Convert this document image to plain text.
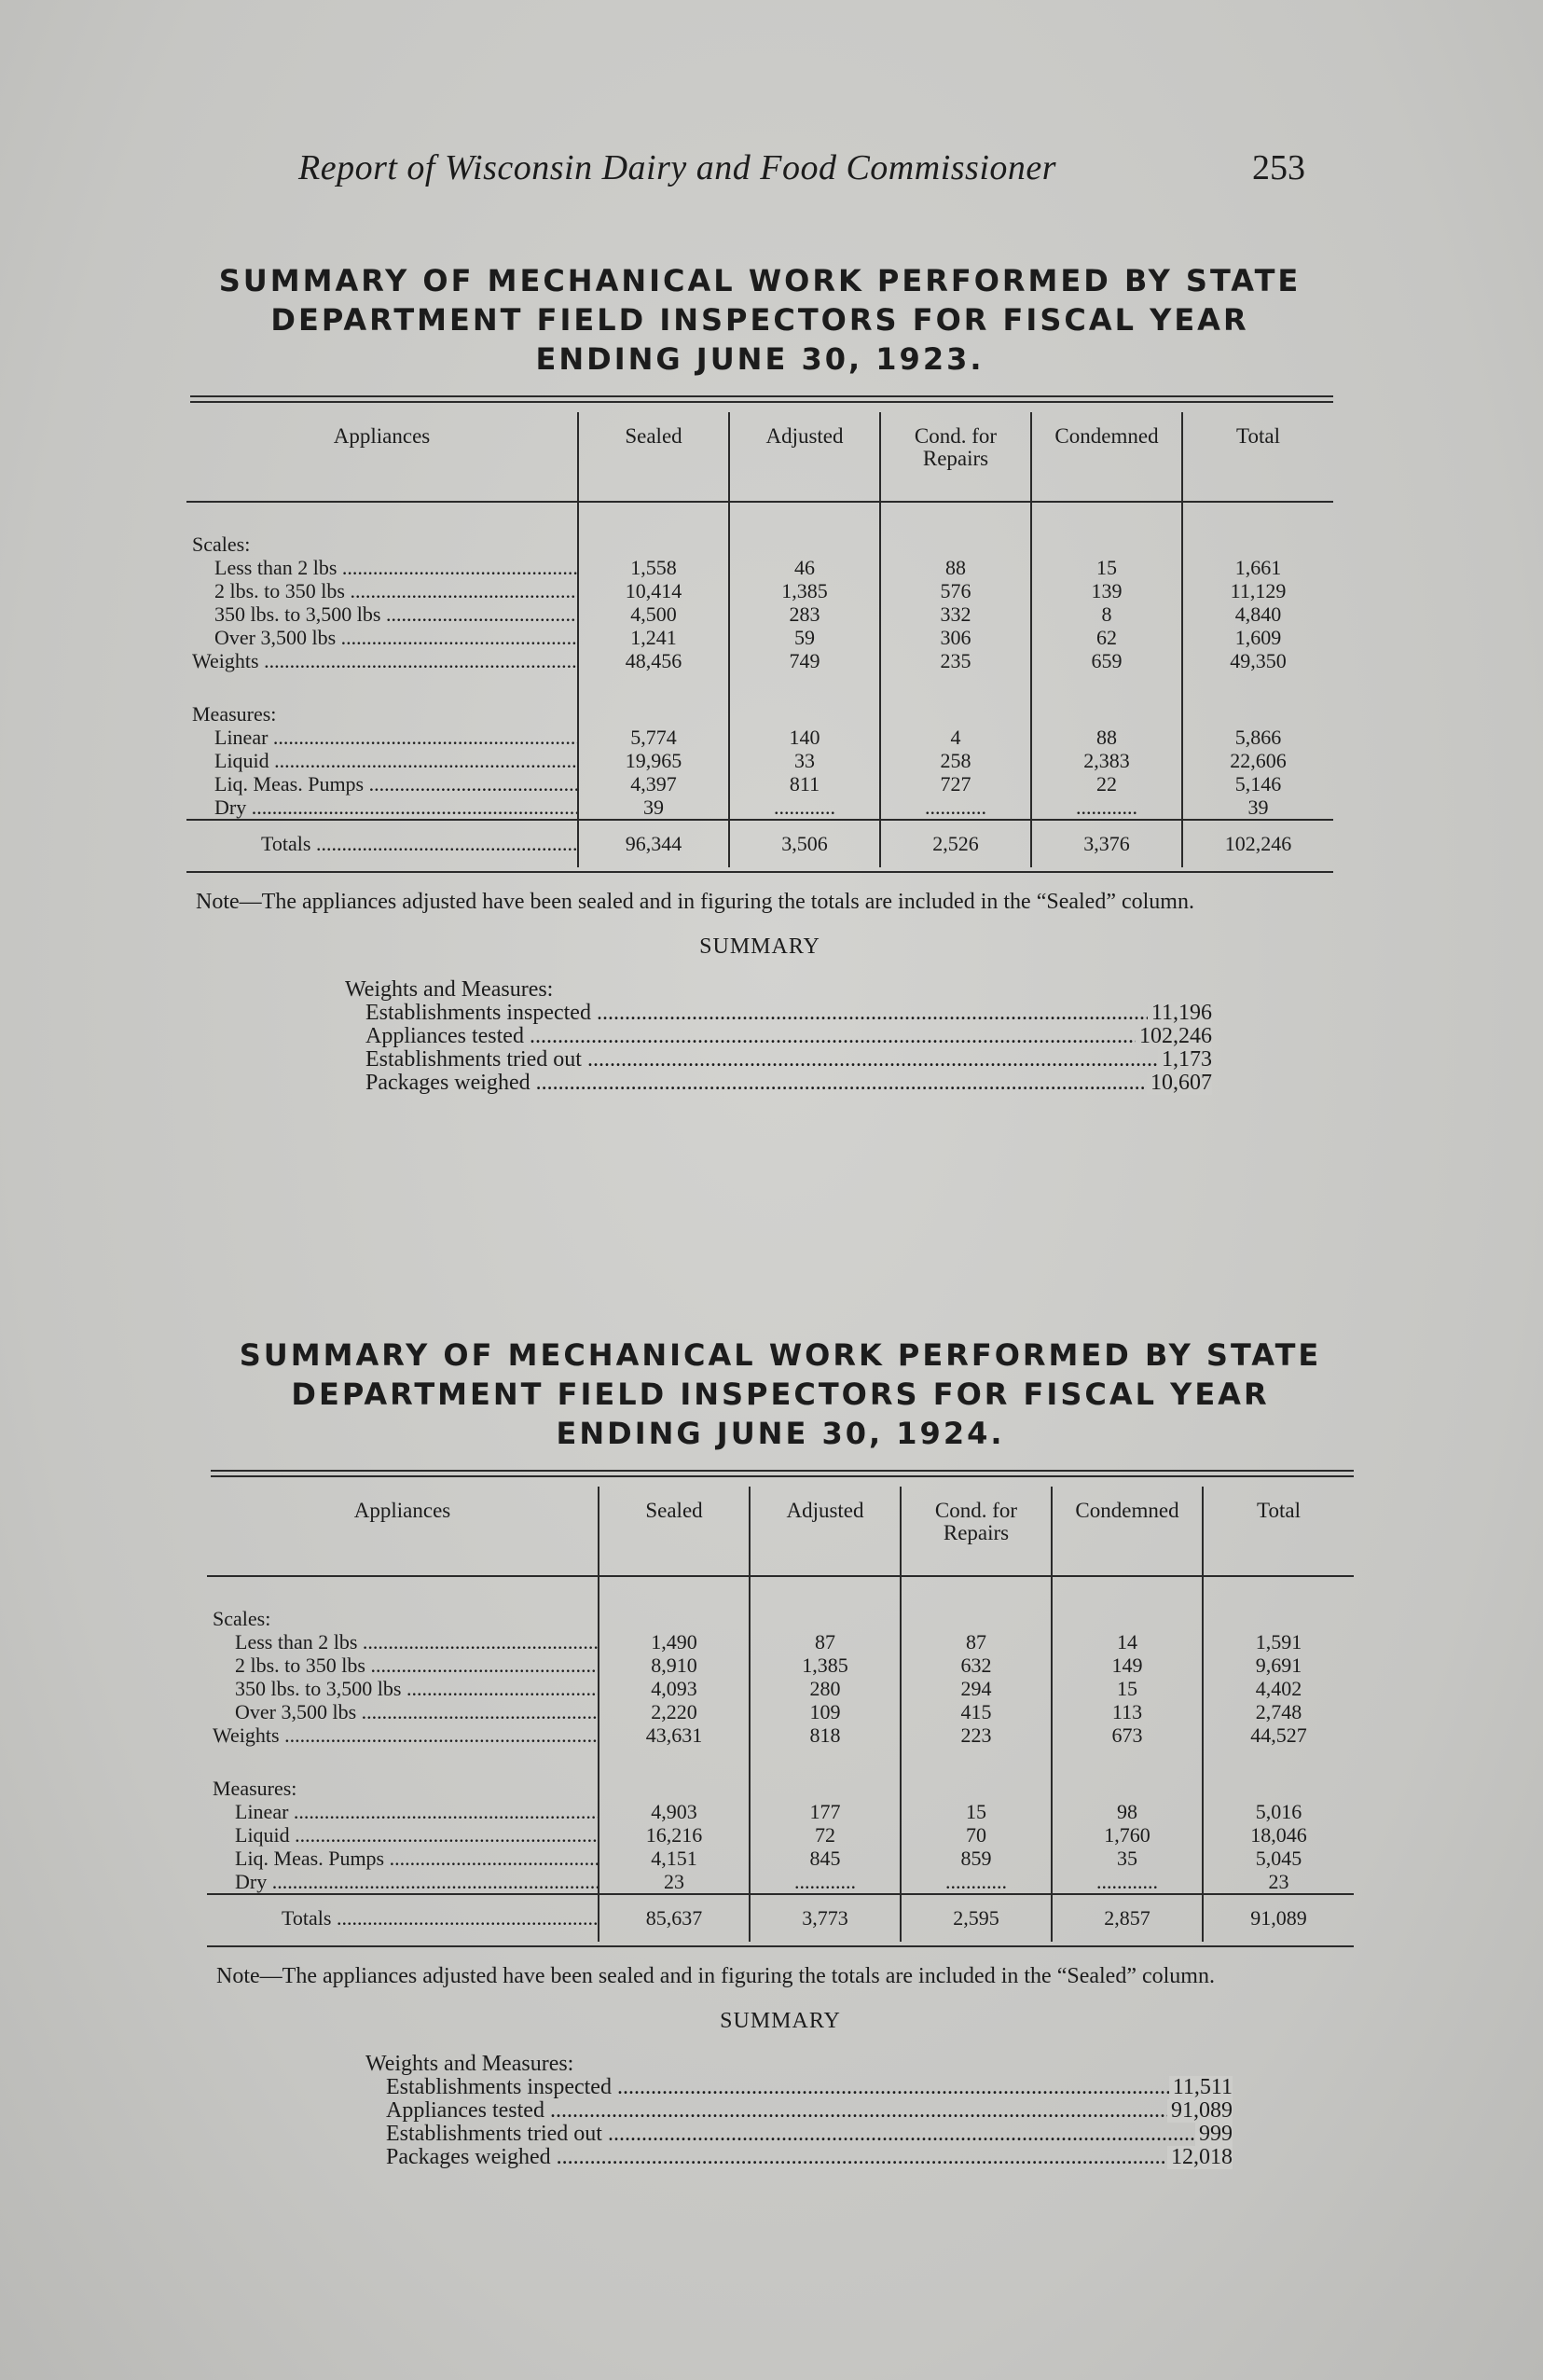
Report of Wisconsin Dairy and Food Commissioner	253
SUMMARY OF MECHANICAL WORK PERFORMED BY STATE
DEPARTMENT FIELD INSPECTORS FOR FISCAL YEAR
ENDING JUNE 30, 1923.
Appliances	Sealed	Adjusted	Cond. for Repairs	Condemned	Total

Scales:					
Less than 2 lbs .....	1,558	46	88	15	1,661
2 lbs. to 350 lbs .....	10,414	1,385	576	139	11,129
350 lbs. to 3,500 lbs .....	4,500	283	332	8	4,840
Over 3,500 lbs .....	1,241	59	306	62	1,609
Weights .....	48,456	749	235	659	49,350

Measures:					
Linear .....	5,774	140	4	88	5,866
Liquid .....	19,965	33	258	2,383	22,606
Liq. Meas. Pumps .....	4,397	811	727	22	5,146
Dry .....	39	............	............	............	39
Totals .....	96,344	3,506	2,526	3,376	102,246
Note—The appliances adjusted have been sealed and in figuring the totals are included in the “Sealed” column.
SUMMARY
Weights and Measures:
Establishments inspected .....	11,196
Appliances tested .....	102,246
Establishments tried out .....	1,173
Packages weighed .....	10,607
SUMMARY OF MECHANICAL WORK PERFORMED BY STATE
DEPARTMENT FIELD INSPECTORS FOR FISCAL YEAR
ENDING JUNE 30, 1924.
Appliances	Sealed	Adjusted	Cond. for Repairs	Condemned	Total

Scales:					
Less than 2 lbs .....	1,490	87	87	14	1,591
2 lbs. to 350 lbs .....	8,910	1,385	632	149	9,691
350 lbs. to 3,500 lbs .....	4,093	280	294	15	4,402
Over 3,500 lbs .....	2,220	109	415	113	2,748
Weights .....	43,631	818	223	673	44,527

Measures:					
Linear .....	4,903	177	15	98	5,016
Liquid .....	16,216	72	70	1,760	18,046
Liq. Meas. Pumps .....	4,151	845	859	35	5,045
Dry .....	23	............	............	............	23
Totals .....	85,637	3,773	2,595	2,857	91,089
Note—The appliances adjusted have been sealed and in figuring the totals are included in the “Sealed” column.
SUMMARY
Weights and Measures:
Establishments inspected .....	11,511
Appliances tested .....	91,089
Establishments tried out .....	999
Packages weighed .....	12,018
